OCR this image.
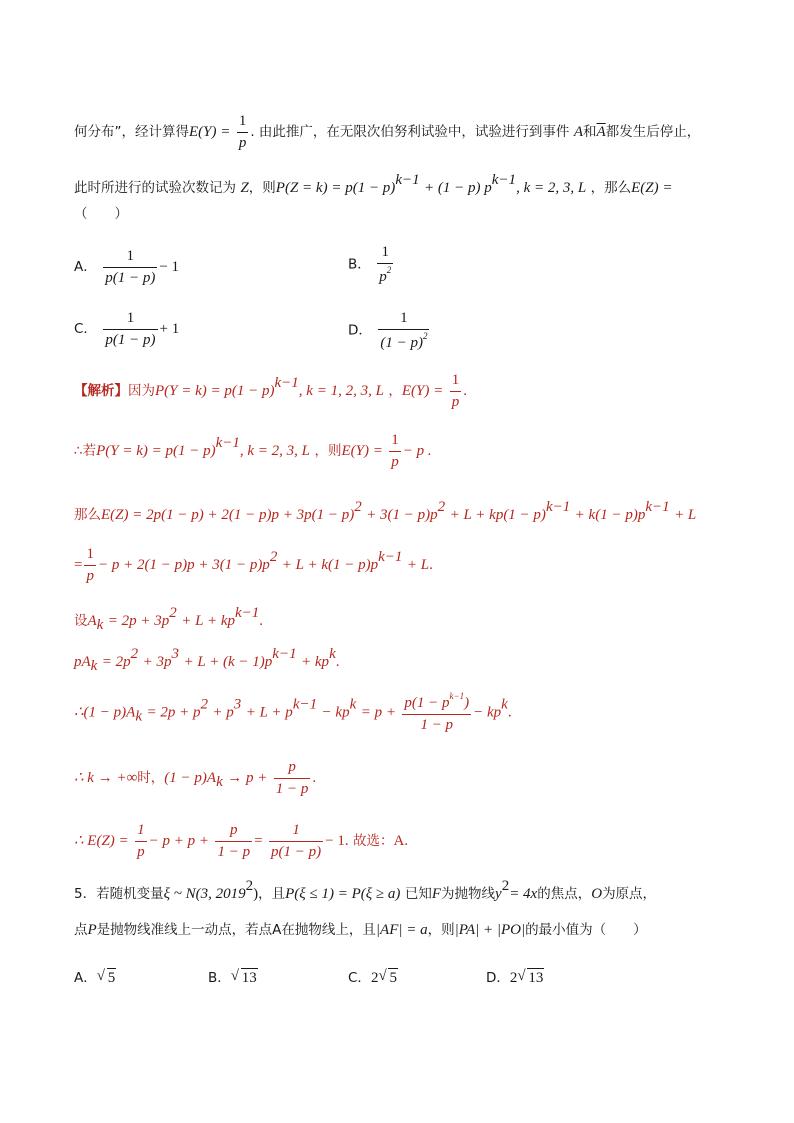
何分布”，经计算得$E(Y) = \frac{1}{p}$ . 由此推广，在无限次伯努利试验中，试验进行到事件 A和$\overline{A}$都发生后停止，
此时所进行的试验次数记为 Z，则$P(Z = k) = p(1 - p)^{k-1} + (1 - p)$ $p^{k-1}$, k = 2, 3, L ，那么E(Z) =
（　　）
A． $\frac{1}{p(1 - p)} - 1$	B． $\frac{1}{p^2}$
C． $\frac{1}{p(1 - p)} + 1$	D． $\frac{1}{(1 - p)^2}$
【解析】因为$P(Y = k) = p(1 - p)^{k-1}$, k = 1, 2, 3, L ，$E(Y) = \frac{1}{p}$ .
∴若$P(Y = k) = p(1 - p)^{k-1}$, k = 2, 3, L ，则$E(Y) = \frac{1}{p} - p$ .
那么$E(Z) = 2p(1 - p) + 2(1 - p)p + 3p(1 - p)^2 + 3(1 - p)p^2 + L + kp(1 - p)^{k-1} + k(1 - p)p^{k-1} + L$
= $\frac{1}{p} - p + 2(1 - p)p + 3(1 - p)p^2 + L + k(1 - p)p^{k-1} + L$.
设$A_k = 2p + 3p^2 + L + kp^{k-1}$.
$pA_k = 2p^2 + 3p^3 + L + (k - 1)p^{k-1} + kp^k$.
∴(1 − $p)A_k = 2p + p^2 + p^3 + L + p^{k-1} - kp^k = p + \frac{p(1 - p^{k-1})}{1 - p} - kp^k$.
∴ k → +∞时，$(1 - p)A_k \to p + \frac{p}{1 - p}$ .
∴ $E(Z) = \frac{1}{p} - p + p + \frac{p}{1 - p} = \frac{1}{p(1 - p)} - 1$. 故选：A.
5．若随机变量ξ ~ N(3, 2019$^2$)，且P(ξ ≤ 1) = P(ξ ≥ a) 已知F为抛物线$y^2= 4x$的焦点，O为原点，
点P是抛物线准线上一动点，若点A在抛物线上，且|AF| = a，则|PA| + |PO|的最小值为（　　）
A． √ 5	B． √ 13	C．2 √ 5	D．2 √ 13
